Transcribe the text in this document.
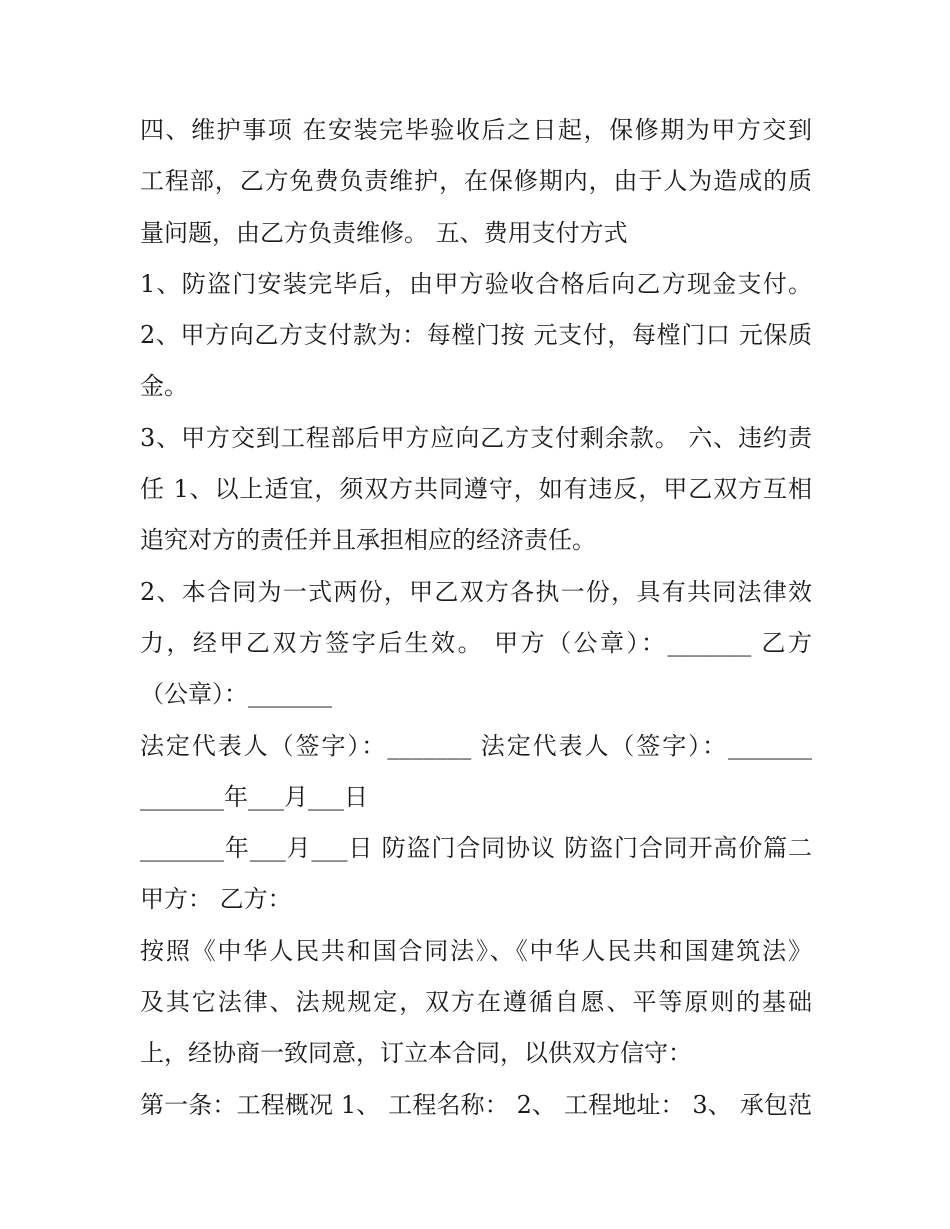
四、维护事项 在安装完毕验收后之日起，保修期为甲方交到
工程部，乙方免费负责维护，在保修期内，由于人为造成的质
量问题，由乙方负责维修。 五、费用支付方式
1、防盗门安装完毕后，由甲方验收合格后向乙方现金支付。
2、甲方向乙方支付款为：每樘门按 元支付，每樘门口 元保质
金。
3、甲方交到工程部后甲方应向乙方支付剩余款。 六、违约责
任 1、以上适宜，须双方共同遵守，如有违反，甲乙双方互相
追究对方的责任并且承担相应的经济责任。
2、本合同为一式两份，甲乙双方各执一份，具有共同法律效
力，经甲乙双方签字后生效。 甲方（公章）：_______ 乙方
（公章）：_______
法定代表人（签字）：_______ 法定代表人（签字）：_______
_______年___月___日
_______年___月___日 防盗门合同协议 防盗门合同开高价篇二
甲方： 乙方：
按照《中华人民共和国合同法》、《中华人民共和国建筑法》
及其它法律、法规规定，双方在遵循自愿、平等原则的基础
上，经协商一致同意，订立本合同，以供双方信守：
第一条：工程概况 1、 工程名称： 2、 工程地址： 3、 承包范
